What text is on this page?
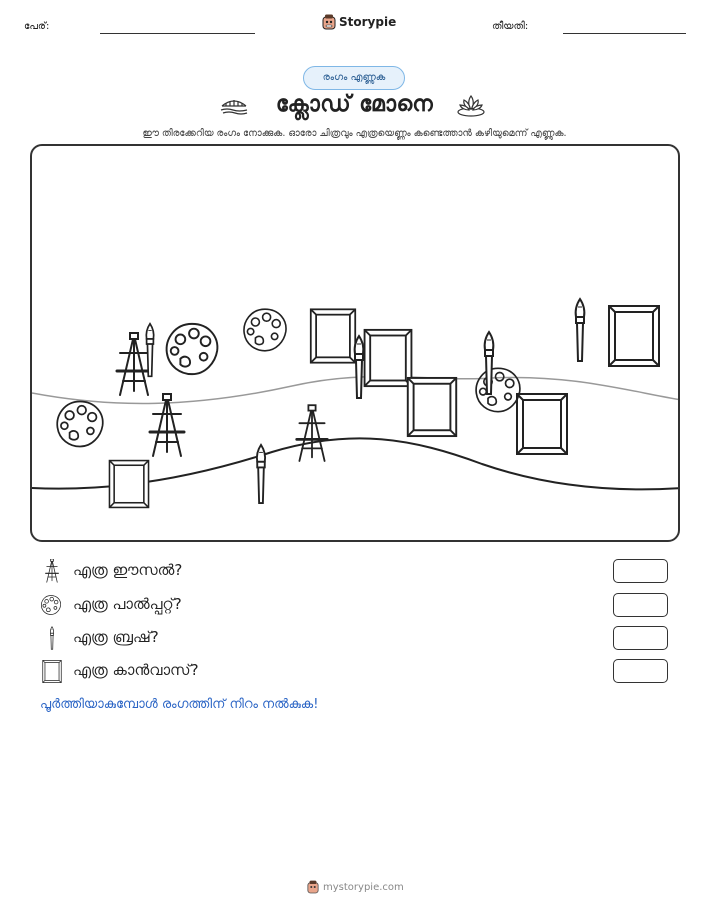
പേര്:	Storypie	തീയതി:
രംഗം എണ്ണുക
ക്ലോഡ് മോനെ
ഈ തിരക്കേറിയ രംഗം നോക്കുക. ഓരോ ചിത്രവും എത്രയെണ്ണം കണ്ടെത്താൻ കഴിയുമെന്ന് എണ്ണുക.
എത്ര ഈസൽ?
എത്ര പാൽപ്പറ്റ്?
എത്ര ബ്രഷ്?
എത്ര കാൻവാസ്?
പൂർത്തിയാകുമ്പോൾ രംഗത്തിന് നിറം നൽകുക!
mystorypie.com
